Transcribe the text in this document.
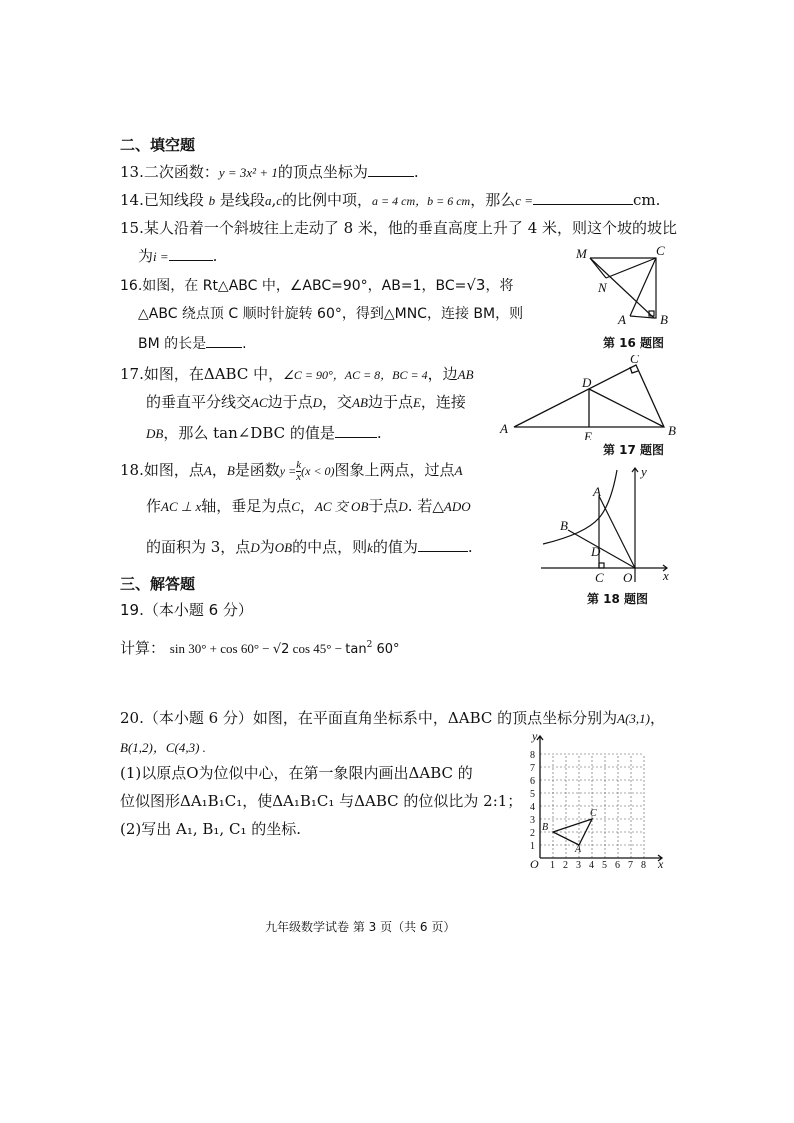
二、填空题
13.二次函数：y = 3x² + 1的顶点坐标为	.
14.已知线段 b 是线段a,c的比例中项，a = 4 cm，b = 6 cm，那么c =	cm.
15.某人沿着一个斜坡往上走动了 8 米，他的垂直高度上升了 4 米，则这个坡的坡比
为i =	.
16.如图，在 Rt△ABC 中，∠ABC=90°，AB=1，BC=√3，将
△ABC 绕点顶 C 顺时针旋转 60°，得到△MNC，连接 BM，则
BM 的长是	.
M	C
N
A	B
第 16 题图
17.如图，在ΔABC 中，∠C = 90°，AC = 8，BC = 4，边AB
的垂直平分线交AC边于点D，交AB边于点E，连接
DB，那么 tan∠DBC 的值是	.	A	B
C
D
E
第 17 题图
18.如图，点A，B是函数$y = \frac{k}{x} (x < 0)$图象上两点，过点A
作AC ⊥ x轴，垂足为点C，AC 交 OB于点D. 若△ADO
的面积为 3，点D为OB的中点，则k的值为	.
A
B
C
D
O x
y
第 18 题图
三、解答题
19.（本小题 6 分）
计算： sin 30° + cos 60° − √2 $\cos 45^\circ - \tan^2 60^\circ$
20.（本小题 6 分）如图，在平面直角坐标系中，ΔABC 的顶点坐标分别为A(3,1)，
B(1,2)，C(4,3) .
(1)以原点O为位似中心，在第一象限内画出ΔABC 的
位似图形ΔA₁B₁C₁，使ΔA₁B₁C₁ 与ΔABC 的位似比为 2:1；
(2)写出 A₁, B₁, C₁ 的坐标.
1 2 3 4 5 6 7 8
1
2
3
4
5
6
7
8
O	x
y
A
B
C
九年级数学试卷 第 3 页（共 6 页）
